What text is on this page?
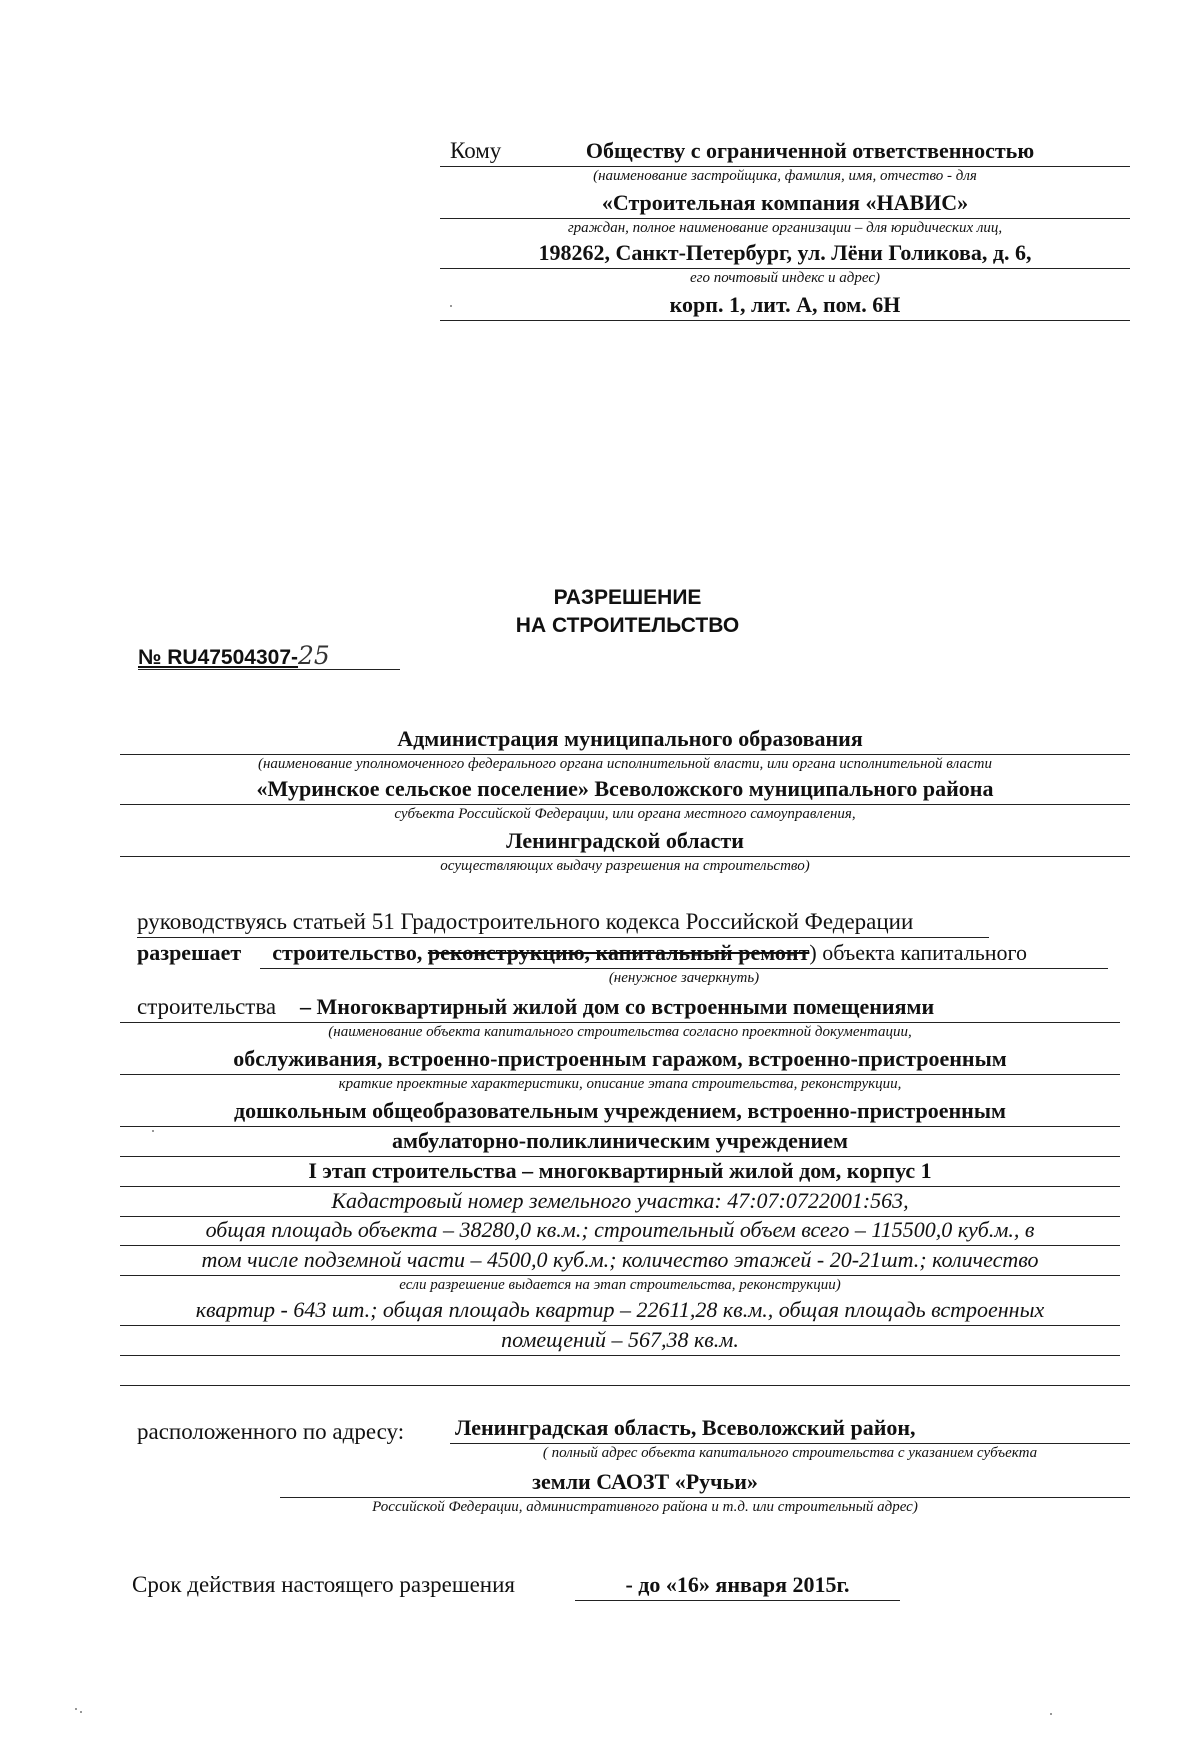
Кому	Обществу с ограниченной ответственностью
(наименование застройщика, фамилия, имя, отчество - для
«Строительная компания «НАВИС»
граждан, полное наименование организации – для юридических лиц,
198262, Санкт-Петербург, ул. Лёни Голикова, д. 6,
его почтовый индекс и адрес)
корп. 1, лит. А, пом. 6Н
РАЗРЕШЕНИЕ
НА СТРОИТЕЛЬСТВО
№ RU47504307-25
Администрация муниципального образования
(наименование уполномоченного федерального органа исполнительной власти, или органа исполнительной власти
«Муринское сельское поселение» Всеволожского муниципального района
субъекта Российской Федерации, или органа местного самоуправления,
Ленинградской области
осуществляющих выдачу разрешения на строительство)
руководствуясь статьей 51 Градостроительного кодекса Российской Федерации
разрешает строительство, реконструкцию, капитальный ремонт) объекта капитального
(ненужное зачеркнуть)
строительства – Многоквартирный жилой дом со встроенными помещениями
(наименование объекта капитального строительства согласно проектной документации,
обслуживания, встроенно-пристроенным гаражом, встроенно-пристроенным
краткие проектные характеристики, описание этапа строительства, реконструкции,
дошкольным общеобразовательным учреждением, встроенно-пристроенным
амбулаторно-поликлиническим учреждением
I этап строительства – многоквартирный жилой дом, корпус 1
Кадастровый номер земельного участка: 47:07:0722001:563,
общая площадь объекта – 38280,0 кв.м.; строительный объем всего – 115500,0 куб.м., в
том числе подземной части – 4500,0 куб.м.; количество этажей - 20-21шт.; количество
если разрешение выдается на этап строительства, реконструкции)
квартир - 643 шт.; общая площадь квартир – 22611,28 кв.м., общая площадь встроенных
помещений – 567,38 кв.м.
расположенного по адресу: Ленинградская область, Всеволожский район,
( полный адрес объекта капитального строительства с указанием субъекта
земли САОЗТ «Ручьи»
Российской Федерации, административного района и т.д. или строительный адрес)
Срок действия настоящего разрешения	- до «16» января 2015г.
